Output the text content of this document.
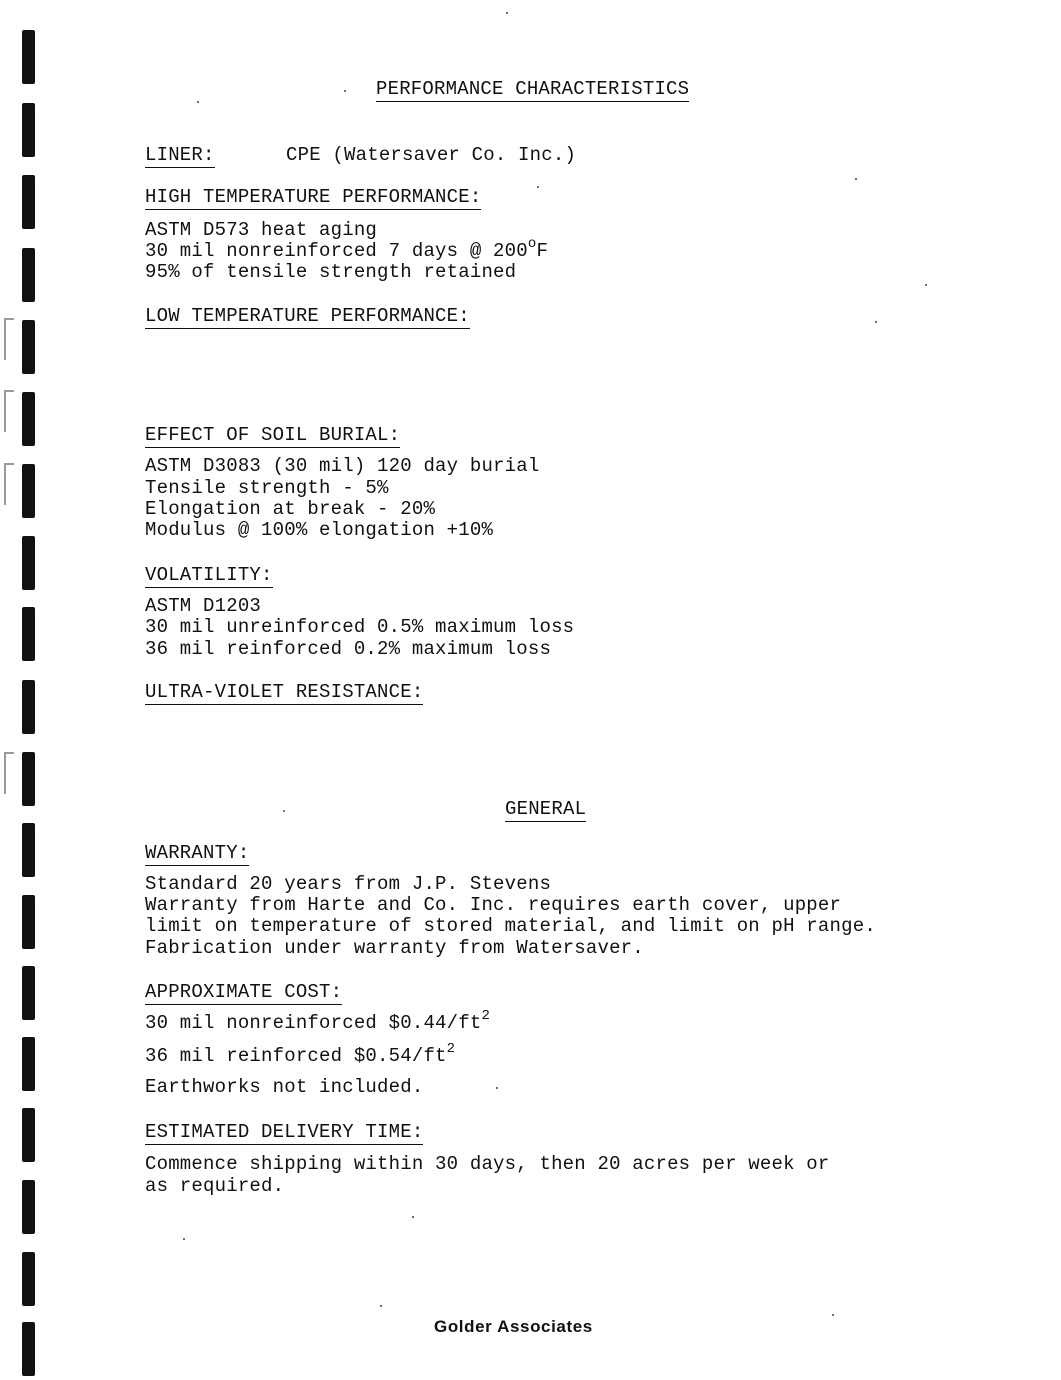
PERFORMANCE CHARACTERISTICS
LINER:	CPE (Watersaver Co. Inc.)
HIGH TEMPERATURE PERFORMANCE:
ASTM D573 heat aging
30 mil nonreinforced 7 days @ 200$^o$F
95% of tensile strength retained
LOW TEMPERATURE PERFORMANCE:
EFFECT OF SOIL BURIAL:
ASTM D3083 (30 mil) 120 day burial
Tensile strength - 5%
Elongation at break - 20%
Modulus @ 100% elongation +10%
VOLATILITY:
ASTM D1203
30 mil unreinforced 0.5% maximum loss
36 mil reinforced 0.2% maximum loss
ULTRA-VIOLET RESISTANCE:
GENERAL
WARRANTY:
Standard 20 years from J.P. Stevens
Warranty from Harte and Co. Inc. requires earth cover, upper
limit on temperature of stored material, and limit on pH range.
Fabrication under warranty from Watersaver.
APPROXIMATE COST:
30 mil nonreinforced $\$0.44/ft^2$
36 mil reinforced $\$0.54/ft^2$
Earthworks not included.
ESTIMATED DELIVERY TIME:
Commence shipping within 30 days, then 20 acres per week or
as required.
Golder Associates
